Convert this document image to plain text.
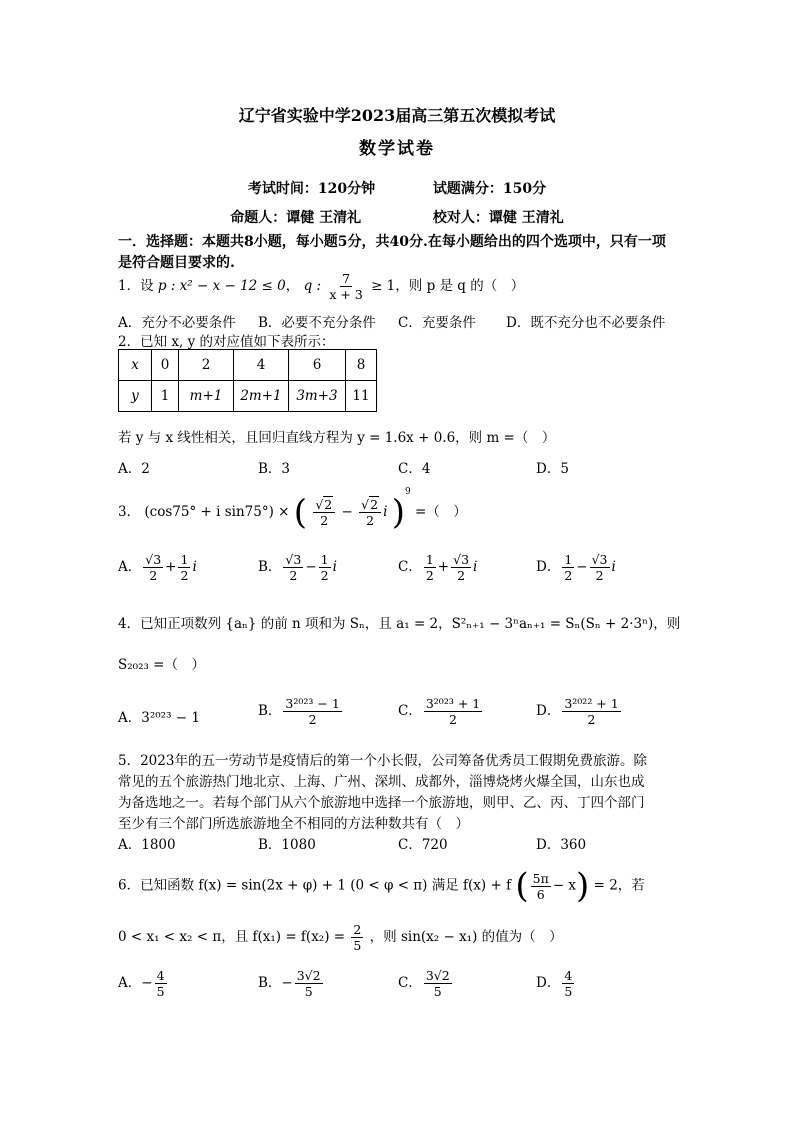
辽宁省实验中学2023届高三第五次模拟考试
数学试卷
考试时间：120分钟	试题满分：150分
命题人：谭健 王清礼	校对人：谭健 王清礼
一．选择题：本题共8小题，每小题5分，共40分.在每小题给出的四个选项中，只有一项是符合题目要求的.
1．设 p : x² − x − 12 ≤ 0， q : $\frac{7}{x + 3} \ge 1$，则 p 是 q 的（　）
A．充分不必要条件 B．必要不充分条件 C．充要条件 D．既不充分也不必要条件
2．已知 x, y 的对应值如下表所示：
x	0	2	4	6	8
y	1	m+1	2m+1	3m+3	11
若 y 与 x 线性相关，且回归直线方程为 y = 1.6x + 0.6，则 m =（　）
A．2	B．3	C．4	D．5
3． (cos75° + i sin75°) × ( $\frac{√2}{2} - \frac{√2}{2}$ i )$^9$ =（　）
A． $\frac{√3}{2} + \frac{1}{2}$ i	B． $\frac{√3}{2} - \frac{1}{2}$ i	C． $\frac{1}{2} + \frac{√3}{2}$ i	D． $\frac{1}{2} - \frac{√3}{2}$ i
4．已知正项数列 {aₙ} 的前 n 项和为 Sₙ，且 a₁ = 2，S²ₙ₊₁ − 3ⁿaₙ₊₁ = Sₙ(Sₙ + 2·3ⁿ)，则
S₂₀₂₃ =（　）
A．3²⁰²³ − 1	B． $\frac{\text{3²⁰²³ − 1}}{2}$	C． $\frac{\text{3²⁰²³ + 1}}{2}$	D． $\frac{\text{3²⁰²² + 1}}{2}$
5．2023年的五一劳动节是疫情后的第一个小长假，公司筹备优秀员工假期免费旅游。除
常见的五个旅游热门地北京、上海、广州、深圳、成都外，淄博烧烤火爆全国，山东也成
为备选地之一。若每个部门从六个旅游地中选择一个旅游地，则甲、乙、丙、丁四个部门
至少有三个部门所选旅游地全不相同的方法种数共有（　）
A．1800	B．1080	C．720	D．360
6．已知函数 f(x) = sin(2x + φ) + 1 (0 < φ < π) 满足 f(x) + f ( $\frac{5\pi}{6} - x) = 2$，若
0 < x₁ < x₂ < π，且 $f(x_1) = f(x_2) = \frac{2}{5}$ ，则 sin(x₂ − x₁) 的值为（　）
A．− $\frac{4}{5}$	B．− $\frac{3√2}{5}$	C． $\frac{3√2}{5}$	D． $\frac{4}{5}$
